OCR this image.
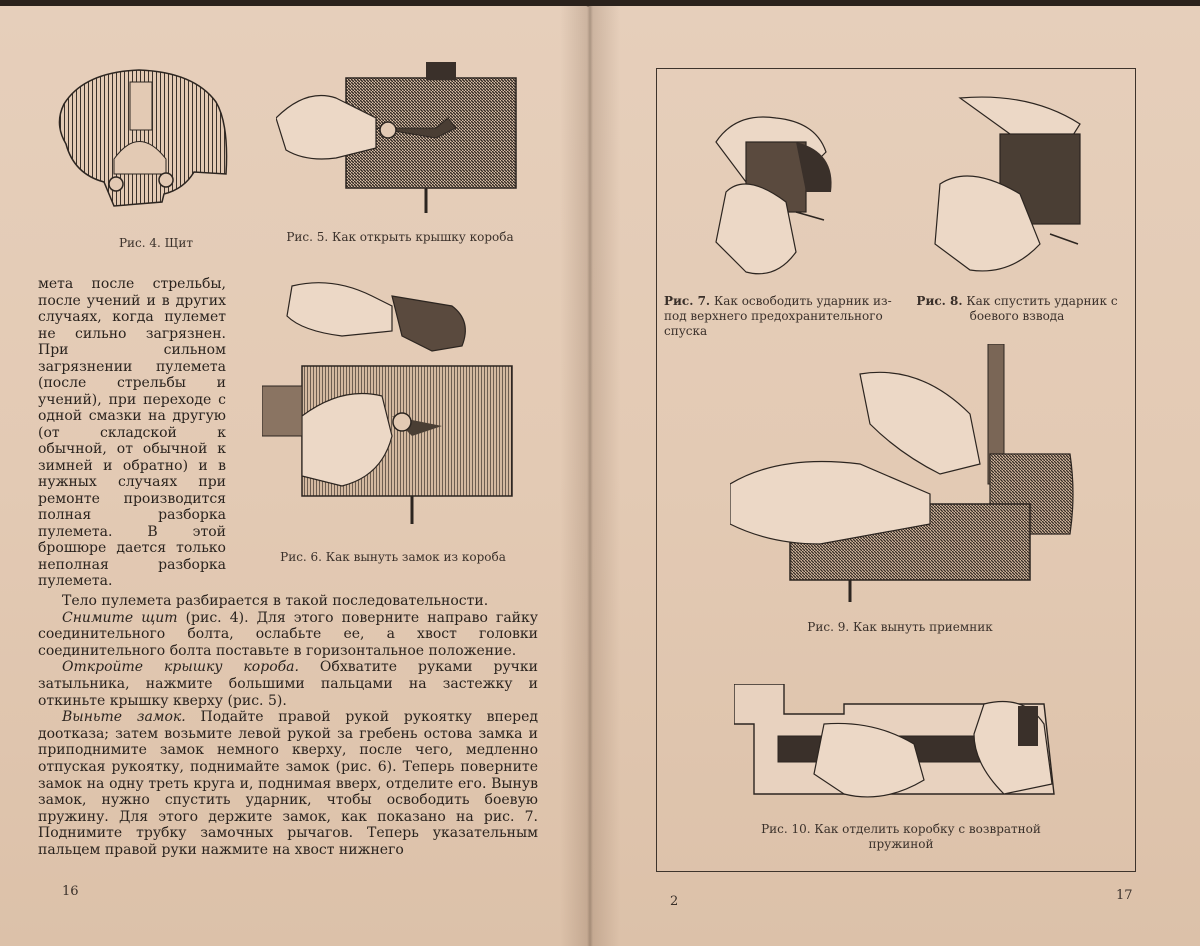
Рис. 4. Щит	Рис. 5. Как открыть крышку короба
Рис. 6. Как вынуть замок из короба
мета после стрельбы, после учений и в других случаях, когда пулемет не сильно загрязнен. При сильном загрязнении пулемета (после стрельбы и учений), при переходе с одной смазки на другую (от складской к обычной, от обычной к зимней и обратно) и в нужных случаях при ремонте производится полная разборка пулемета. В этой брошюре дается только неполная разборка пулемета.

Тело пулемета разбирается в такой последовательности.

Снимите щит (рис. 4). Для этого поверните направо гайку соединительного болта, ослабьте ее, а хвост головки соединительного болта поставьте в горизонтальное положение.

Откройте крышку короба. Обхватите руками ручки затыльника, нажмите большими пальцами на застежку и откиньте крышку кверху (рис. 5).

Выньте замок. Подайте правой рукой рукоятку вперед доотказа; затем возьмите левой рукой за гребень остова замка и приподнимите замок немного кверху, после чего, медленно отпуская рукоятку, поднимайте замок (рис. 6). Теперь поверните замок на одну треть круга и, поднимая вверх, отделите его. Вынув замок, нужно спустить ударник, чтобы освободить боевую пружину. Для этого держите замок, как показано на рис. 7. Поднимите трубку замочных рычагов. Теперь указательным пальцем правой руки нажмите на хвост нижнего

16
Рис. 7. Как освободить ударник из-под верхнего предохранительного спуска
Рис. 8. Как спустить ударник с боевого взвода
Рис. 9. Как вынуть приемник
Рис. 10. Как отделить коробку с возвратной пружиной
2	17
